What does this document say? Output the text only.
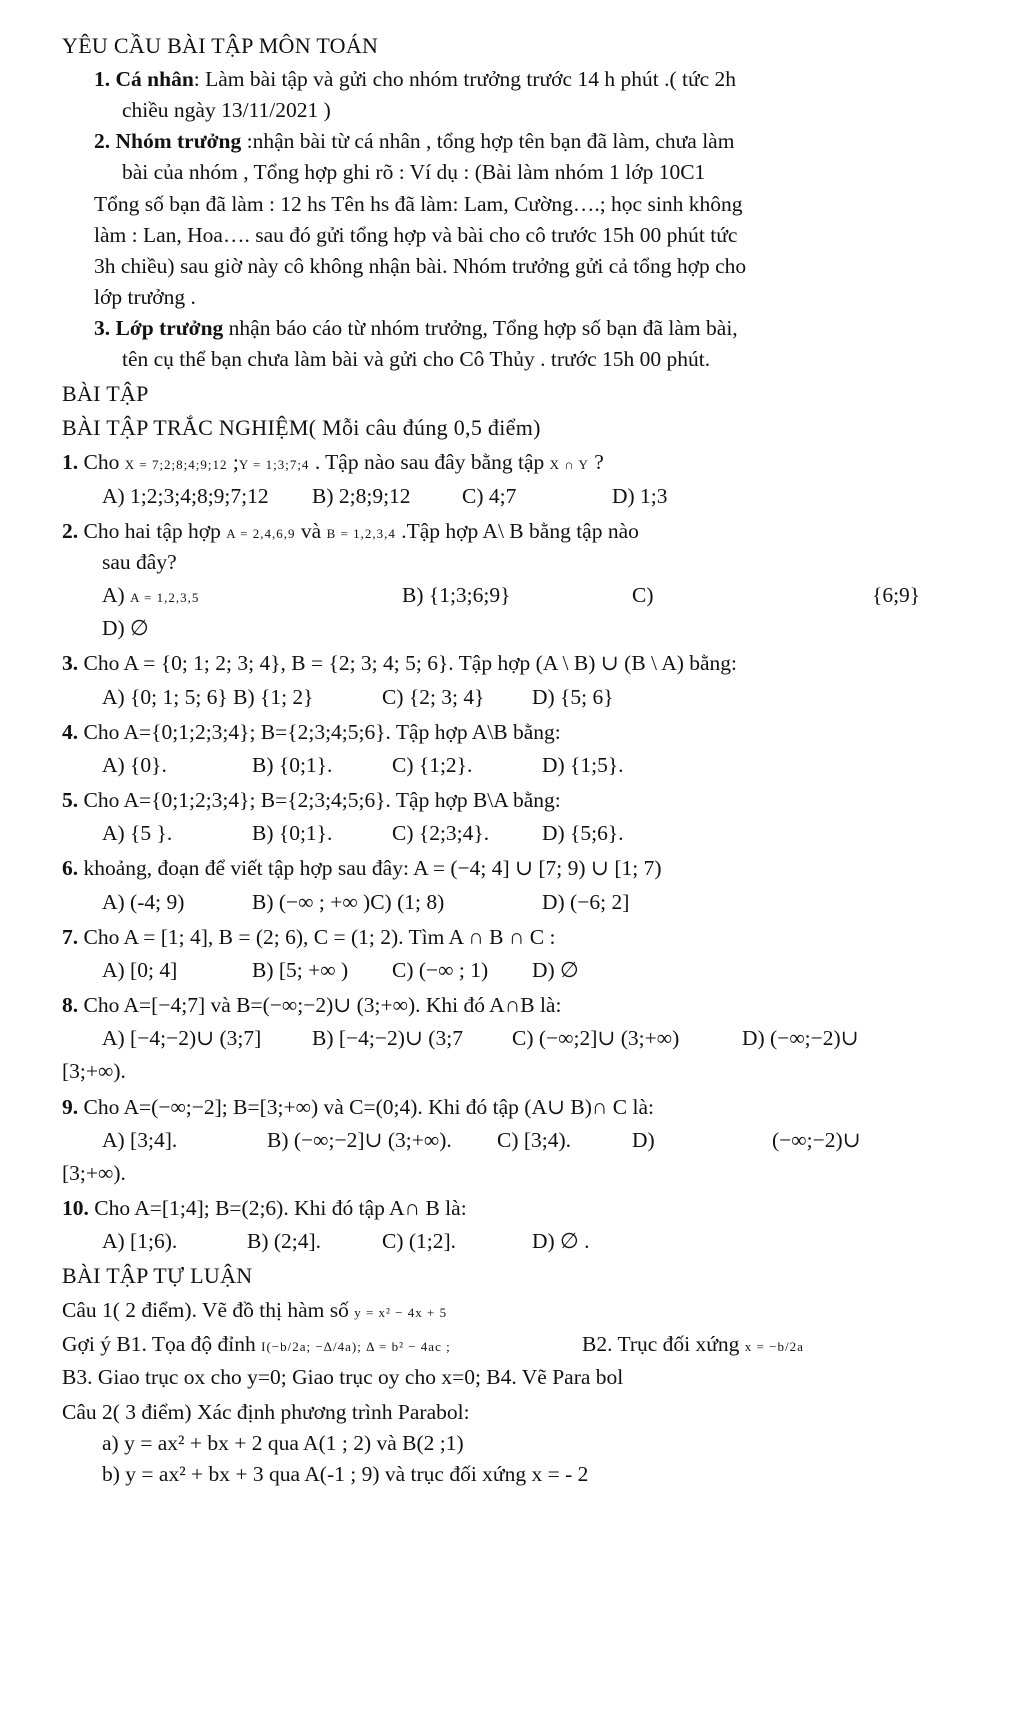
YÊU CẦU BÀI TẬP MÔN TOÁN

1. Cá nhân: Làm bài tập và gửi cho nhóm trưởng trước 14 h phút .( tức 2h

chiều ngày 13/11/2021 )

2. Nhóm trưởng :nhận bài từ cá nhân , tổng hợp tên bạn đã làm, chưa làm

bài của nhóm , Tổng hợp ghi rõ : Ví dụ : (Bài làm nhóm 1 lớp 10C1

Tổng số bạn đã làm : 12 hs Tên hs đã làm: Lam, Cường….; học sinh không

làm : Lan, Hoa…. sau đó gửi tổng hợp và bài cho cô trước 15h 00 phút tức

3h chiều) sau giờ này cô không nhận bài. Nhóm trưởng gửi cả tổng hợp cho

lớp trưởng .

3. Lớp trưởng nhận báo cáo từ nhóm trưởng, Tổng hợp số bạn đã làm bài,

tên cụ thể bạn chưa làm bài và gửi cho Cô Thủy . trước 15h 00 phút.

BÀI TẬP
BÀI TẬP TRẮC NGHIỆM( Mỗi câu đúng 0,5 điểm)

1. Cho X = 7;2;8;4;9;12 ;Y = 1;3;7;4 . Tập nào sau đây bằng tập X ∩ Y ?

A) 1;2;3;4;8;9;7;12	B) 2;8;9;12	C) 4;7	D) 1;3

2. Cho hai tập hợp A = 2,4,6,9 và B = 1,2,3,4 .Tập hợp A\ B bằng tập nào

sau đây?

A) A = 1,2,3,5	B) {1;3;6;9}	C)	{6;9}

D) ∅

3. Cho A = {0; 1; 2; 3; 4}, B = {2; 3; 4; 5; 6}. Tập hợp (A \ B) ∪ (B \ A) bằng:

A) {0; 1; 5; 6} B) {1; 2}	C) {2; 3; 4}	D) {5; 6}

4. Cho A={0;1;2;3;4}; B={2;3;4;5;6}. Tập hợp A\B bằng:

A) {0}.	B) {0;1}.	C) {1;2}.	D) {1;5}.

5. Cho A={0;1;2;3;4}; B={2;3;4;5;6}. Tập hợp B\A bằng:

A) {5 }.	B) {0;1}.	C) {2;3;4}.	D) {5;6}.

6. khoảng, đoạn để viết tập hợp sau đây: A = (−4; 4] ∪ [7; 9) ∪ [1; 7)

A) (-4; 9)	B) (−∞ ; +∞ )C) (1; 8)	D) (−6; 2]

7. Cho A = [1; 4], B = (2; 6), C = (1; 2). Tìm A ∩ B ∩ C :

A) [0; 4]	B) [5; +∞ )	C) (−∞ ; 1)	D) ∅

8. Cho A=[−4;7] và B=(−∞;−2)∪ (3;+∞). Khi đó A∩B là:

A) [−4;−2)∪ (3;7]	B) [−4;−2)∪ (3;7	C) (−∞;2]∪ (3;+∞)	D) (−∞;−2)∪

[3;+∞).

9. Cho A=(−∞;−2]; B=[3;+∞) và C=(0;4). Khi đó tập (A∪ B)∩ C là:

A) [3;4].	B) (−∞;−2]∪ (3;+∞).	C) [3;4).	D)	(−∞;−2)∪

[3;+∞).

10. Cho A=[1;4]; B=(2;6). Khi đó tập A∩ B là:

A) [1;6).	B) (2;4].	C) (1;2].	D) ∅ .
BÀI TẬP TỰ LUẬN

Câu 1( 2 điểm). Vẽ đồ thị hàm số y = x² − 4x + 5

Gợi ý B1. Tọa độ đỉnh I(−b/2a; −Δ/4a); Δ = b² − 4ac ;	B2. Trục đối xứng x = −b/2a

B3. Giao trục ox cho y=0; Giao trục oy cho x=0; B4. Vẽ Para bol

Câu 2( 3 điểm) Xác định phương trình Parabol:

a) y = ax² + bx + 2 qua A(1 ; 2) và B(2 ;1)

b) y = ax² + bx + 3 qua A(-1 ; 9) và trục đối xứng x = - 2
